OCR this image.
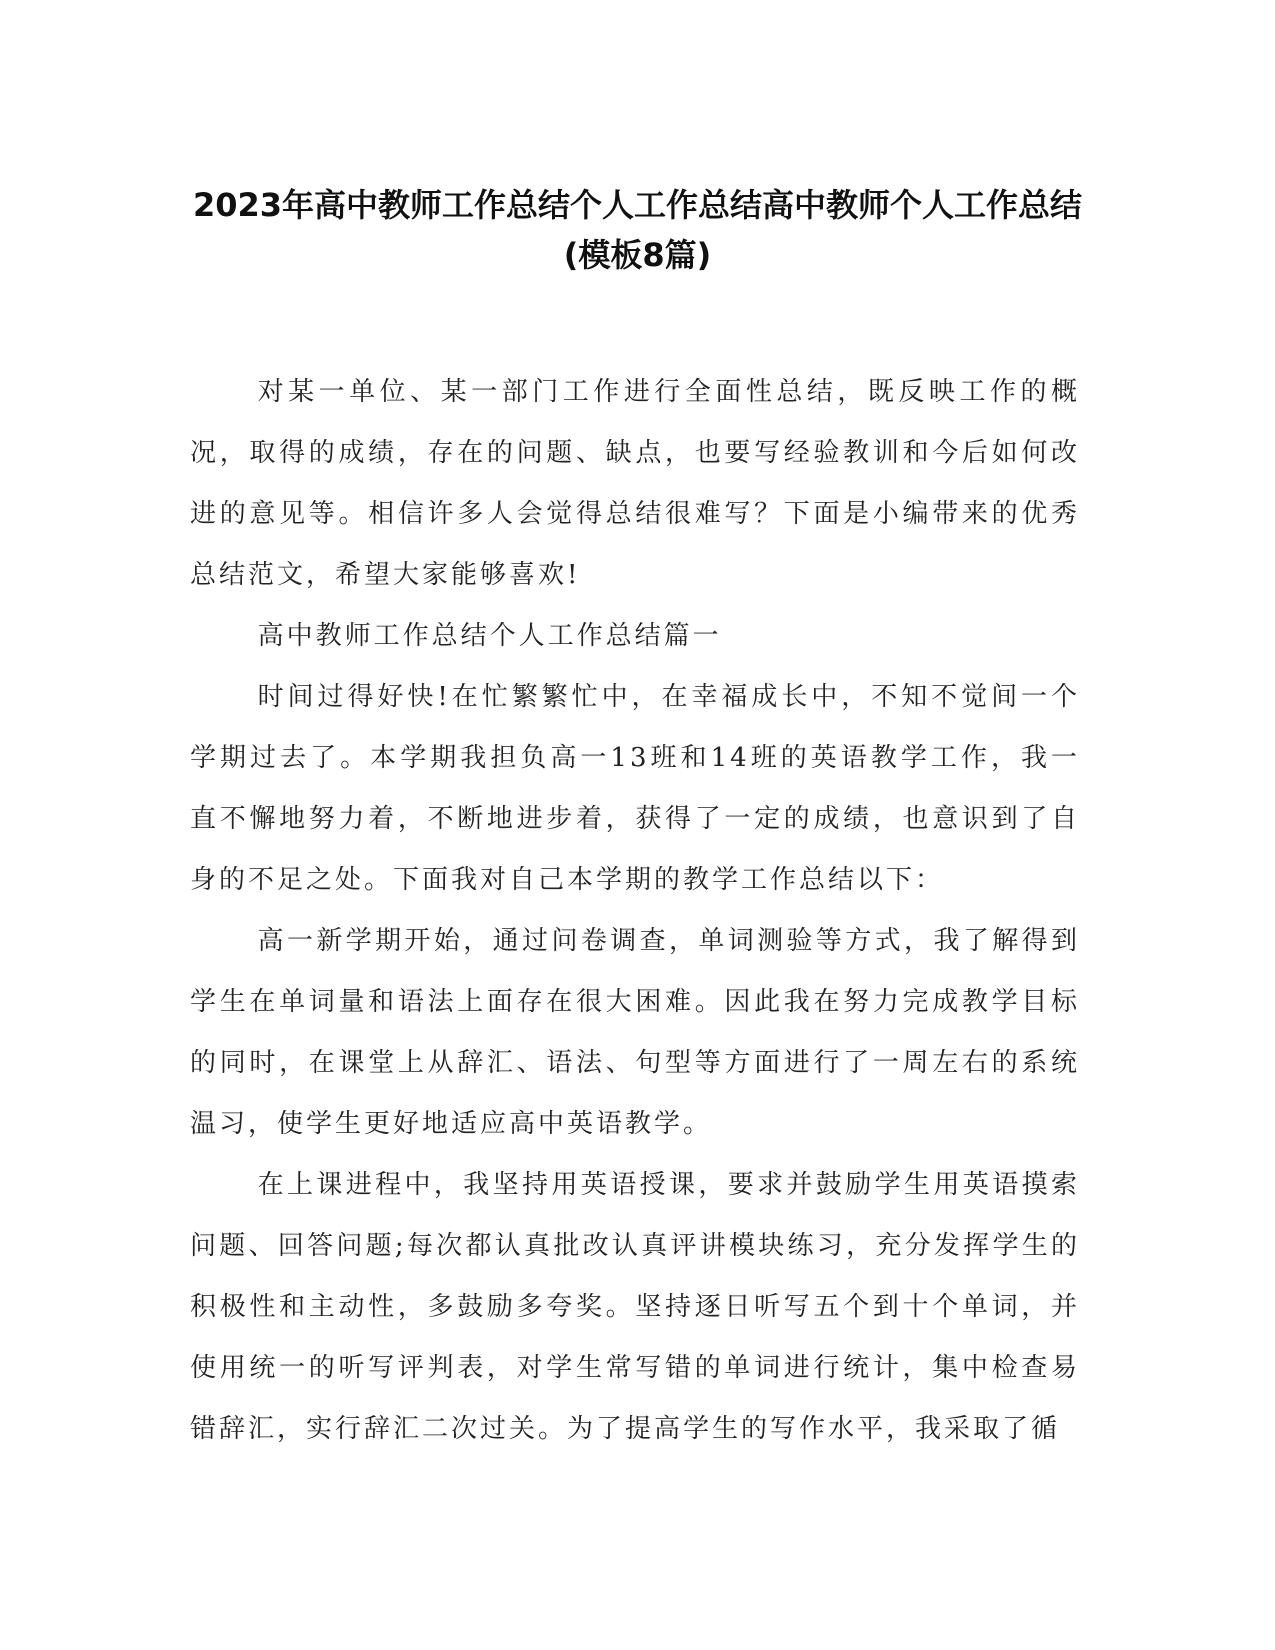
2023年高中教师工作总结个人工作总结高中教师个人工作总结(模板8篇)

对某一单位、某一部门工作进行全面性总结，既反映工作的概况，取得的成绩，存在的问题、缺点，也要写经验教训和今后如何改进的意见等。相信许多人会觉得总结很难写？下面是小编带来的优秀总结范文，希望大家能够喜欢!

高中教师工作总结个人工作总结篇一

时间过得好快!在忙繁繁忙中，在幸福成长中，不知不觉间一个学期过去了。本学期我担负高一13班和14班的英语教学工作，我一直不懈地努力着，不断地进步着，获得了一定的成绩，也意识到了自身的不足之处。下面我对自己本学期的教学工作总结以下：

高一新学期开始，通过问卷调查，单词测验等方式，我了解得到学生在单词量和语法上面存在很大困难。因此我在努力完成教学目标的同时，在课堂上从辞汇、语法、句型等方面进行了一周左右的系统温习，使学生更好地适应高中英语教学。

在上课进程中，我坚持用英语授课，要求并鼓励学生用英语摸索问题、回答问题;每次都认真批改认真评讲模块练习，充分发挥学生的积极性和主动性，多鼓励多夸奖。坚持逐日听写五个到十个单词，并使用统一的听写评判表，对学生常写错的单词进行统计，集中检查易错辞汇，实行辞汇二次过关。为了提高学生的写作水平，我采取了循
